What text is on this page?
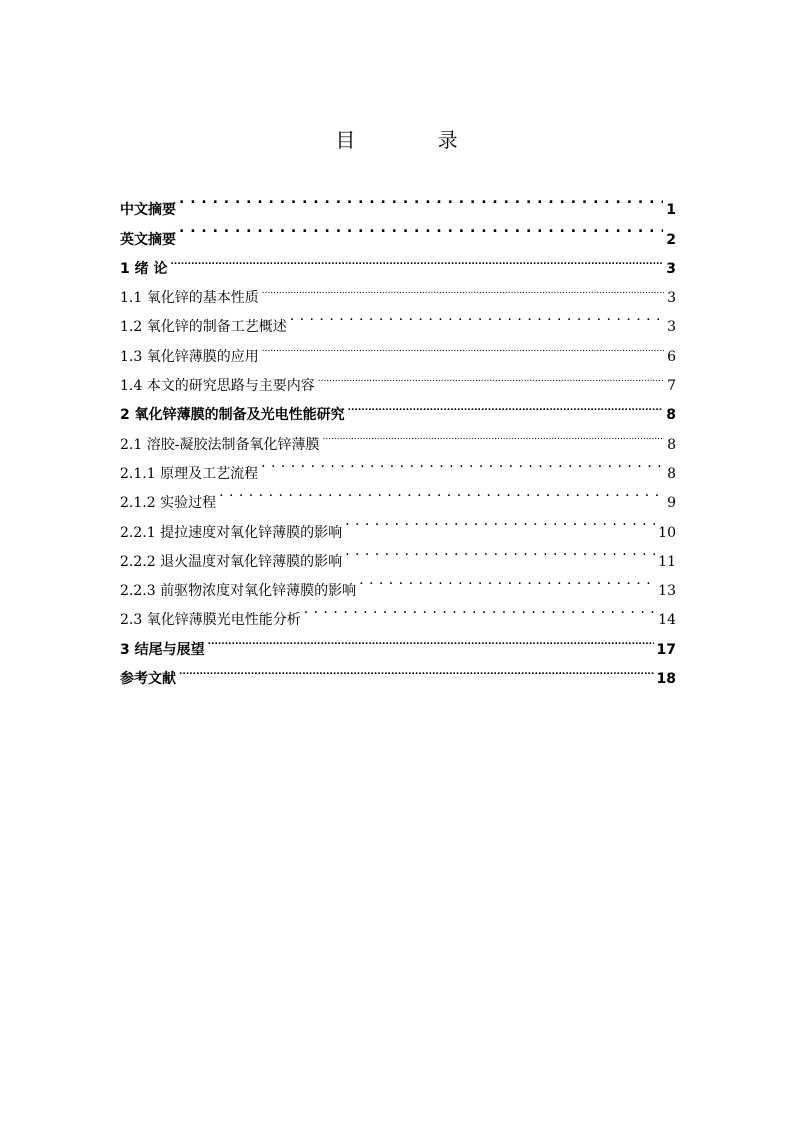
目 录
中文摘要 . . .	1
英文摘要 . . .	2
1 绪 论 .....	3
1.1 氧化锌的基本性质 .....	3
1.2 氧化锌的制备工艺概述 . . .	3
1.3 氧化锌薄膜的应用 .....	6
1.4 本文的研究思路与主要内容 .....	7
2 氧化锌薄膜的制备及光电性能研究 .....	8
2.1 溶胶-凝胶法制备氧化锌薄膜 .....	8
2.1.1 原理及工艺流程 . . .	8
2.1.2 实验过程 . . .	9
2.2.1 提拉速度对氧化锌薄膜的影响 . . .	10
2.2.2 退火温度对氧化锌薄膜的影响 . . .	11
2.2.3 前驱物浓度对氧化锌薄膜的影响 . . .	13
2.3 氧化锌薄膜光电性能分析 . . .	14
3 结尾与展望 .....	17
参考文献 .....	18
